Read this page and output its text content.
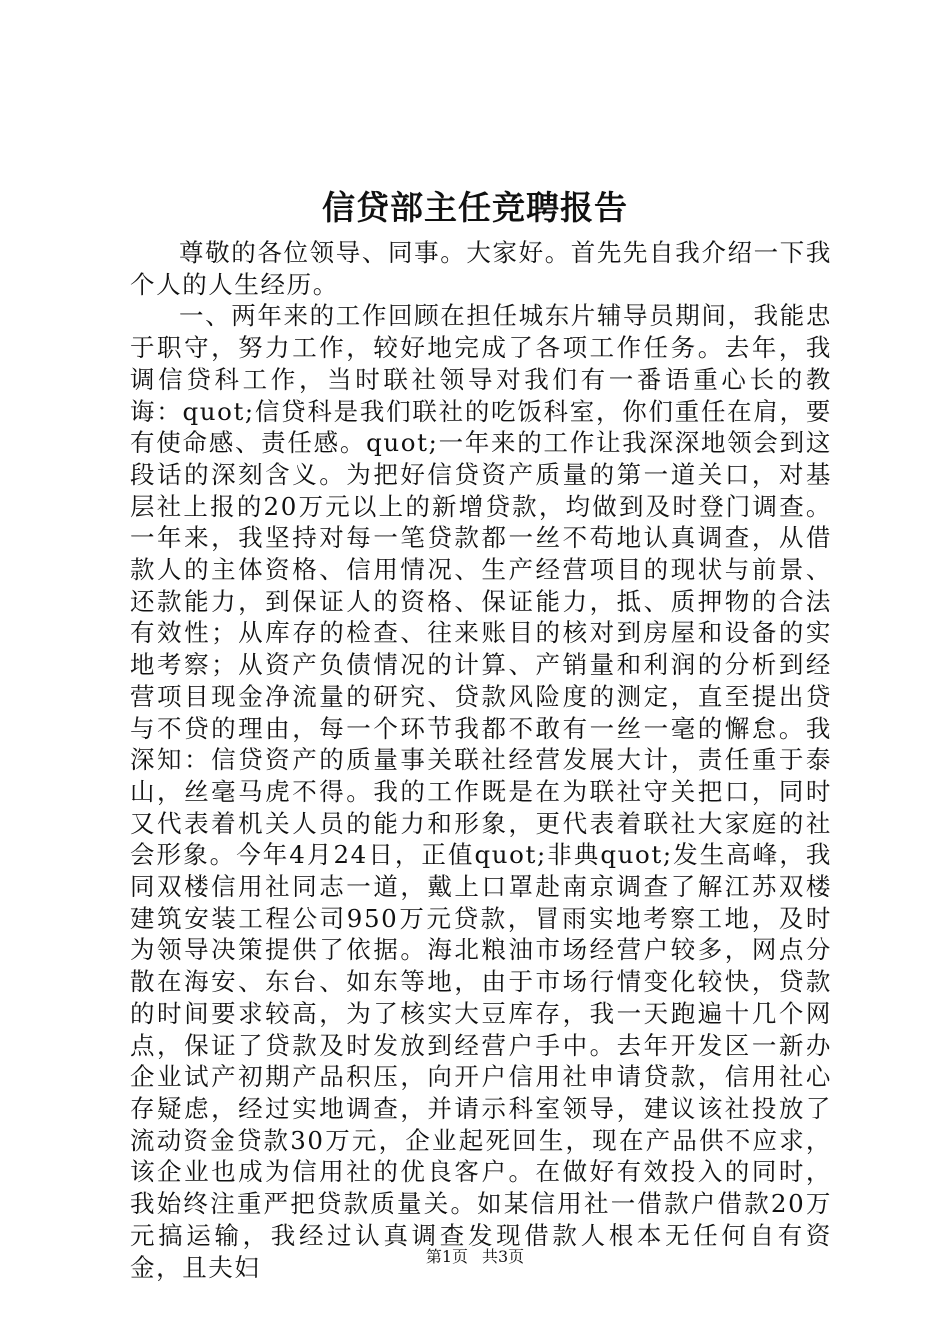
信贷部主任竞聘报告

尊敬的各位领导、同事。大家好。首先先自我介绍一下我个人的人生经历。

一、两年来的工作回顾在担任城东片辅导员期间，我能忠于职守，努力工作，较好地完成了各项工作任务。去年，我调信贷科工作，当时联社领导对我们有一番语重心长的教诲：quot;信贷科是我们联社的吃饭科室，你们重任在肩，要有使命感、责任感。quot;一年来的工作让我深深地领会到这段话的深刻含义。为把好信贷资产质量的第一道关口，对基层社上报的20万元以上的新增贷款，均做到及时登门调查。一年来，我坚持对每一笔贷款都一丝不苟地认真调查，从借款人的主体资格、信用情况、生产经营项目的现状与前景、还款能力，到保证人的资格、保证能力，抵、质押物的合法有效性；从库存的检查、往来账目的核对到房屋和设备的实地考察；从资产负债情况的计算、产销量和利润的分析到经营项目现金净流量的研究、贷款风险度的测定，直至提出贷与不贷的理由，每一个环节我都不敢有一丝一毫的懈怠。我深知：信贷资产的质量事关联社经营发展大计，责任重于泰山，丝毫马虎不得。我的工作既是在为联社守关把口，同时又代表着机关人员的能力和形象，更代表着联社大家庭的社会形象。今年4月24日，正值quot;非典quot;发生高峰，我同双楼信用社同志一道，戴上口罩赴南京调查了解江苏双楼建筑安装工程公司950万元贷款，冒雨实地考察工地，及时为领导决策提供了依据。海北粮油市场经营户较多，网点分散在海安、东台、如东等地，由于市场行情变化较快，贷款的时间要求较高，为了核实大豆库存，我一天跑遍十几个网点，保证了贷款及时发放到经营户手中。去年开发区一新办企业试产初期产品积压，向开户信用社申请贷款，信用社心存疑虑，经过实地调查，并请示科室领导，建议该社投放了流动资金贷款30万元，企业起死回生，现在产品供不应求，该企业也成为信用社的优良客户。在做好有效投入的同时，我始终注重严把贷款质量关。如某信用社一借款户借款20万元搞运输，我经过认真调查发现借款人根本无任何自有资金，且夫妇	第1页 共3页
